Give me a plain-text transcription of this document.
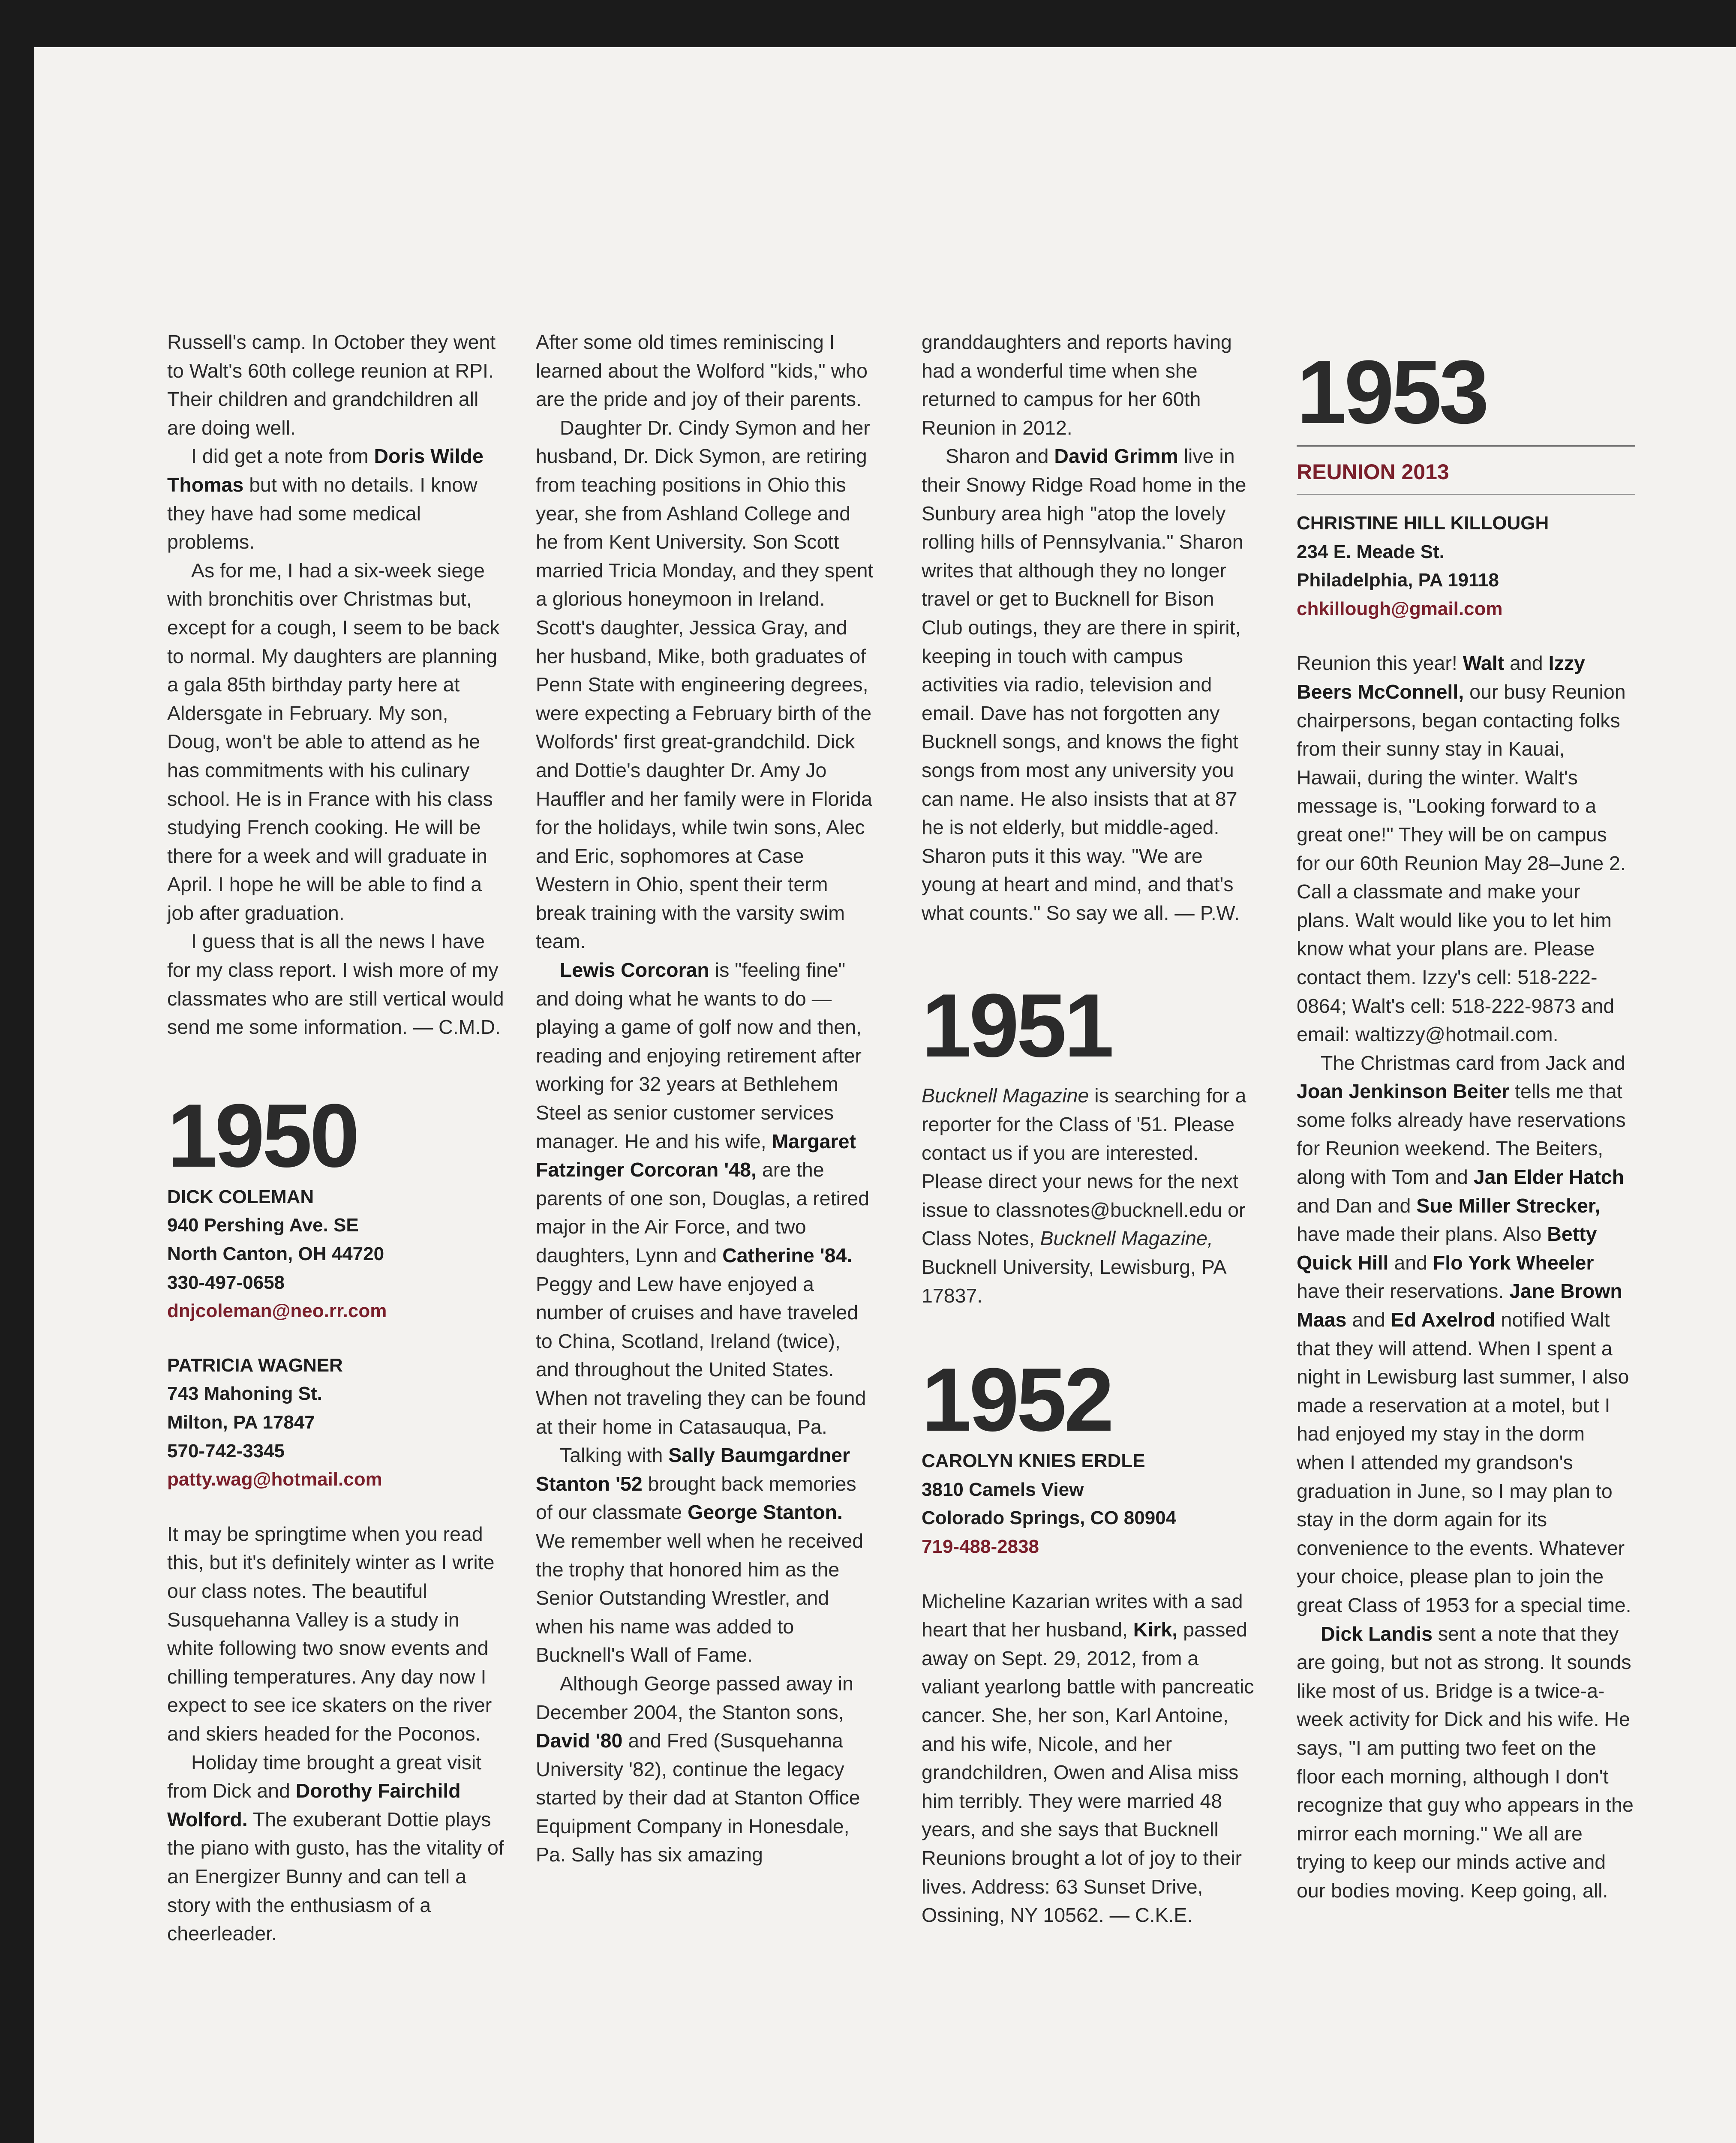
Russell's camp. In October they went to Walt's 60th college reunion at RPI. Their children and grandchildren all are doing well.

I did get a note from Doris Wilde Thomas but with no details. I know they have had some medical problems.

As for me, I had a six-week siege with bronchitis over Christmas but, except for a cough, I seem to be back to normal. My daughters are planning a gala 85th birthday party here at Aldersgate in February. My son, Doug, won't be able to attend as he has commitments with his culinary school. He is in France with his class studying French cooking. He will be there for a week and will graduate in April. I hope he will be able to find a job after graduation.

I guess that is all the news I have for my class report. I wish more of my classmates who are still vertical would send me some information. — C.M.D.

1950
DICK COLEMAN
940 Pershing Ave. SE
North Canton, OH 44720
330-497-0658
dnjcoleman@neo.rr.com
PATRICIA WAGNER
743 Mahoning St.
Milton, PA 17847
570-742-3345
patty.wag@hotmail.com

It may be springtime when you read this, but it's definitely winter as I write our class notes. The beautiful Susquehanna Valley is a study in white following two snow events and chilling temperatures. Any day now I expect to see ice skaters on the river and skiers headed for the Poconos.

Holiday time brought a great visit from Dick and Dorothy Fairchild Wolford. The exuberant Dottie plays the piano with gusto, has the vitality of an Energizer Bunny and can tell a story with the enthusiasm of a cheerleader.

After some old times reminiscing I learned about the Wolford "kids," who are the pride and joy of their parents.

Daughter Dr. Cindy Symon and her husband, Dr. Dick Symon, are retiring from teaching positions in Ohio this year, she from Ashland College and he from Kent University. Son Scott married Tricia Monday, and they spent a glorious honeymoon in Ireland. Scott's daughter, Jessica Gray, and her husband, Mike, both graduates of Penn State with engineering degrees, were expecting a February birth of the Wolfords' first great-grandchild. Dick and Dottie's daughter Dr. Amy Jo Hauffler and her family were in Florida for the holidays, while twin sons, Alec and Eric, sophomores at Case Western in Ohio, spent their term break training with the varsity swim team.

Lewis Corcoran is "feeling fine" and doing what he wants to do — playing a game of golf now and then, reading and enjoying retirement after working for 32 years at Bethlehem Steel as senior customer services manager. He and his wife, Margaret Fatzinger Corcoran '48, are the parents of one son, Douglas, a retired major in the Air Force, and two daughters, Lynn and Catherine '84. Peggy and Lew have enjoyed a number of cruises and have traveled to China, Scotland, Ireland (twice), and throughout the United States. When not traveling they can be found at their home in Catasauqua, Pa.

Talking with Sally Baumgardner Stanton '52 brought back memories of our classmate George Stanton. We remember well when he received the trophy that honored him as the Senior Outstanding Wrestler, and when his name was added to Bucknell's Wall of Fame.

Although George passed away in December 2004, the Stanton sons, David '80 and Fred (Susquehanna University '82), continue the legacy started by their dad at Stanton Office Equipment Company in Honesdale, Pa. Sally has six amazing

granddaughters and reports having had a wonderful time when she returned to campus for her 60th Reunion in 2012.

Sharon and David Grimm live in their Snowy Ridge Road home in the Sunbury area high "atop the lovely rolling hills of Pennsylvania." Sharon writes that although they no longer travel or get to Bucknell for Bison Club outings, they are there in spirit, keeping in touch with campus activities via radio, television and email. Dave has not forgotten any Bucknell songs, and knows the fight songs from most any university you can name. He also insists that at 87 he is not elderly, but middle-aged. Sharon puts it this way. "We are young at heart and mind, and that's what counts." So say we all. — P.W.

1951

Bucknell Magazine is searching for a reporter for the Class of '51. Please contact us if you are interested. Please direct your news for the next issue to classnotes@bucknell.edu or Class Notes, Bucknell Magazine, Bucknell University, Lewisburg, PA 17837.

1952
CAROLYN KNIES ERDLE
3810 Camels View
Colorado Springs, CO 80904
719-488-2838

Micheline Kazarian writes with a sad heart that her husband, Kirk, passed away on Sept. 29, 2012, from a valiant yearlong battle with pancreatic cancer. She, her son, Karl Antoine, and his wife, Nicole, and her grandchildren, Owen and Alisa miss him terribly. They were married 48 years, and she says that Bucknell Reunions brought a lot of joy to their lives. Address: 63 Sunset Drive, Ossining, NY 10562. — C.K.E.

1953
REUNION 2013
CHRISTINE HILL KILLOUGH
234 E. Meade St.
Philadelphia, PA 19118
chkillough@gmail.com

Reunion this year! Walt and Izzy Beers McConnell, our busy Reunion chairpersons, began contacting folks from their sunny stay in Kauai, Hawaii, during the winter. Walt's message is, "Looking forward to a great one!" They will be on campus for our 60th Reunion May 28–June 2. Call a classmate and make your plans. Walt would like you to let him know what your plans are. Please contact them. Izzy's cell: 518-222-0864; Walt's cell: 518-222-9873 and email: waltizzy@hotmail.com.

The Christmas card from Jack and Joan Jenkinson Beiter tells me that some folks already have reservations for Reunion weekend. The Beiters, along with Tom and Jan Elder Hatch and Dan and Sue Miller Strecker, have made their plans. Also Betty Quick Hill and Flo York Wheeler have their reservations. Jane Brown Maas and Ed Axelrod notified Walt that they will attend. When I spent a night in Lewisburg last summer, I also made a reservation at a motel, but I had enjoyed my stay in the dorm when I attended my grandson's graduation in June, so I may plan to stay in the dorm again for its convenience to the events. Whatever your choice, please plan to join the great Class of 1953 for a special time.

Dick Landis sent a note that they are going, but not as strong. It sounds like most of us. Bridge is a twice-a-week activity for Dick and his wife. He says, "I am putting two feet on the floor each morning, although I don't recognize that guy who appears in the mirror each morning." We all are trying to keep our minds active and our bodies moving. Keep going, all.
